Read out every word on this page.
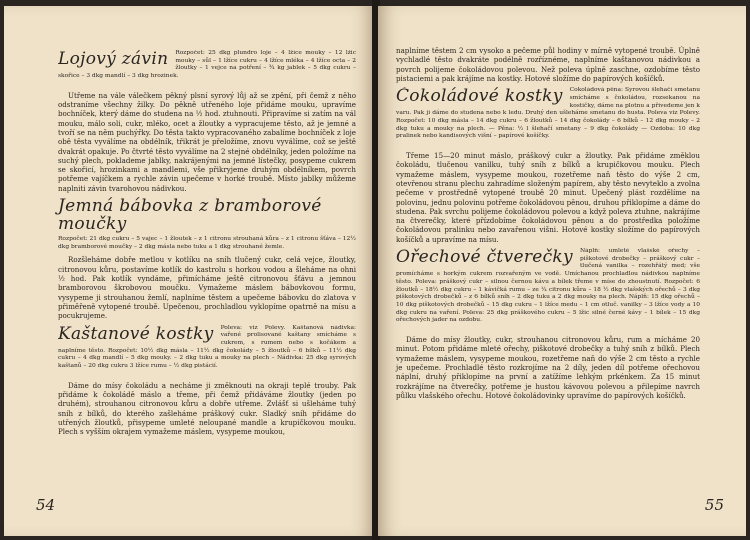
Lojový závin	Rozpočet: 25 dkg plundro loje – 4 lžíce mouky – 12 lžic mouky – sůl – 1 lžíce cukru – 4 lžíce mléka – 4 lžíce octa – 2 žloutky – 1 vejce na potření – ¾ kg jablek – 5 dkg cukru – skořice – 3 dkg mandlí – 3 dkg hrozinek.

Utřeme na vále válečkem pěkný plsní syrový lůj až se zpění, při čemž z něho odstraníme všechny žilky. Do pěkně utřeného loje přidáme mouku, upravíme bochníček, který dáme do studena na ½ hod. ztuhnouti. Připravíme si zatím na vál mouku, málo soli, cukr, mléko, ocet a žloutky a vypracujeme těsto, až je jemné a tvoří se na něm puchýřky. Do těsta takto vypracovaného zabalíme bochníček z loje obě těsta vyválíme na obdélník, třikrát je přeložíme, znovu vyválíme, což se ještě dvakrát opakuje. Po čtvrté těsto vyválíme na 2 stejné obdélníky, jeden položíme na suchý plech, poklademe jablky, nakrájenými na jemné lístečky, posypeme cukrem se skořicí, hrozinkami a mandlemi, vše přikryjeme druhým obdélníkem, povrch potřeme vajíčkem a rychle závin upečeme v horké troubě. Místo jablky můžeme naplniti závin tvarohovou nádivkou.

Jemná bábovka z bramborové moučky
Rozpočet: 21 dkg cukru – 5 vajec – 1 žloutek – z 1 citronu strouhaná kůra – z 1 citronu šťáva – 12½ dkg bramborové moučky – 2 dkg másla nebo tuku a 1 dkg strouhané žemle.

Rozšleháme dobře metlou v kotlíku na sníh tlučený cukr, celá vejce, žloutky, citronovou kůru, postavíme kotlík do kastrolu s horkou vodou a šleháme na ohni ½ hod. Pak kotlík vyndáme, přimícháme ještě citronovou šťávu a jemnou bramborovou škrobovou moučku. Vymažeme máslem bábovkovou formu, vysypeme ji strouhanou žemlí, naplníme těstem a upečeme bábovku do zlatova v přiměřeně vytopené troubě. Upečenou, prochladlou vyklopíme opatrně na mísu a pocukrujeme.

Kaštanové kostky	Poleva: viz Polevy. Kaštanová nádivka: vařené prolisované kaštany smícháme s cukrem, s rumem nebo s kočákem a naplníme těsto. Rozpočet: 10½ dkg másla – 11½ dkg čokolády – 5 žloutků – 6 bílků – 11½ dkg cukru – 4 dkg mandlí – 5 dkg mouky. – 2 dkg tuku a mouky na plech – Nádivka: 25 dkg syrových kaštanů – 20 dkg cukru 3 lžíce rumu – ½ dkg pistácií.

Dáme do mísy čokoládu a necháme ji změknouti na okraji teplé trouby. Pak přidáme k čokoládě máslo a třeme, při čemž přidáváme žloutky (jeden po druhém), strouhanou citronovou kůru a dobře utřeme. Zvlášť si ušleháme tuhý sníh z bílků, do kterého zašleháme práškový cukr. Sladký sníh přidáme do utřených žloutků, přisypeme umleté neloupané mandle a krupičkovou mouku. Plech s vyšším okrajem vymažeme máslem, vysypeme moukou,

54

naplníme těstem 2 cm vysoko a pečeme půl hodiny v mírně vytopené troubě. Úplně vychladlé těsto dvakráte podélně rozříznéme, naplníme kaštanovou nádivkou a povrch polijeme čokoládovou polevou. Než poleva úplně zaschne, ozdobíme těsto pistaciemi a pak krájíme na kostky. Hotové složíme do papírových košíčků.

Čokoládové kostky	Čokoládová pěna: Syrovou šlehačí smetanu smícháme s čokoládou, rozsekanou na kostičky, dáme na plotnu a přivedeme jen k varu. Pak ji dáme do studena nebo k ledu. Druhý den ušleháme smetanu do husta. Poleva viz Polevy. Rozpočet: 10 dkg másla – 14 dkg cukru – 6 žloutků – 14 dkg čokolády – 6 bílků – 12 dkg mouky – 2 dkg tuku a mouky na plech. — Pěna: ½ l šlehačí smetany – 9 dkg čokolády — Ozdoba: 10 dkg pralinek nebo kandisových višní – papírové košíčky.

Třeme 15—20 minut máslo, práškový cukr a žloutky. Pak přidáme změklou čokoládu, tlučenou vanilku, tuhý sníh z bílků a krupičkovou mouku. Plech vymažeme máslem, vysypeme moukou, rozetřeme naň těsto do výše 2 cm, otevřenou stranu plechu zahradíme složeným papírem, aby těsto nevyteklo a zvolna pečeme v prostředně vytopené troubě 20 minut. Upečený plást rozdělíme na polovinu, jednu polovinu potřeme čokoládovou pěnou, druhou přiklopíme a dáme do studena. Pak svrchu polijeme čokoládovou polevou a když poleva ztuhne, nakrájíme na čtverečky, které přízdobíme čokoládovou pěnou a do prostředka položíme čokoládovou pralinku nebo zavařenou višni. Hotové kostky složíme do papírových košíčků a upravíme na mísu.

Ořechové čtverečky	Náplň: umleté vlašské ořechy – piškotové drobečky – práškový cukr – tlučená vanilka – rozehřátý med; vše promícháme s horkým cukrem rozvařeným ve vodě. Umíchanou prochladlou nádivkou naplníme těsto. Poleva: práškový cukr – silnou černou kávu a bílek třeme v míse do zhoustnutí. Rozpočet: 6 žloutků – 18½ dkg cukru – 1 kávičká rumu – ze ¼ citronu kůra – 18 ½ dkg vlašských ořechů – 3 dkg piškotových drobečků – z 6 bílků sníh – 2 dkg tuku a 2 dkg mouky na plech. Náplň: 15 dkg ořechů – 10 dkg piškotových drobečků – 15 dkg cukru – 1 lžíce medu – 1 cm otluč. vanilky – 3 lžíce vody a 10 dkg cukru na vaření. Poleva: 25 dkg práškového cukru – 5 lžic silné černé kávy – 1 bílek – 15 dkg ořechových jader na ozdobu.

Dáme do mísy žloutky, cukr, strouhanou citronovou kůru, rum a mícháme 20 minut. Potom přidáme mleté ořechy, piškotové drobečky a tuhý sníh z bílků. Plech vymažeme máslem, vysypeme moukou, rozetřeme naň do výše 2 cm těsto a rychle je upečeme. Prochladlé těsto rozkrojíme na 2 díly, jeden díl potřeme ořechovou náplní, druhý přiklopíme na první a zatížíme lehkým prkénkem. Za 15 minut rozkrájíme na čtverečky, potřeme je hustou kávovou polevou a přilepíme navrch půlku vlašského ořechu. Hotové čokoládovinky upravíme do papírových košíčků.

55
